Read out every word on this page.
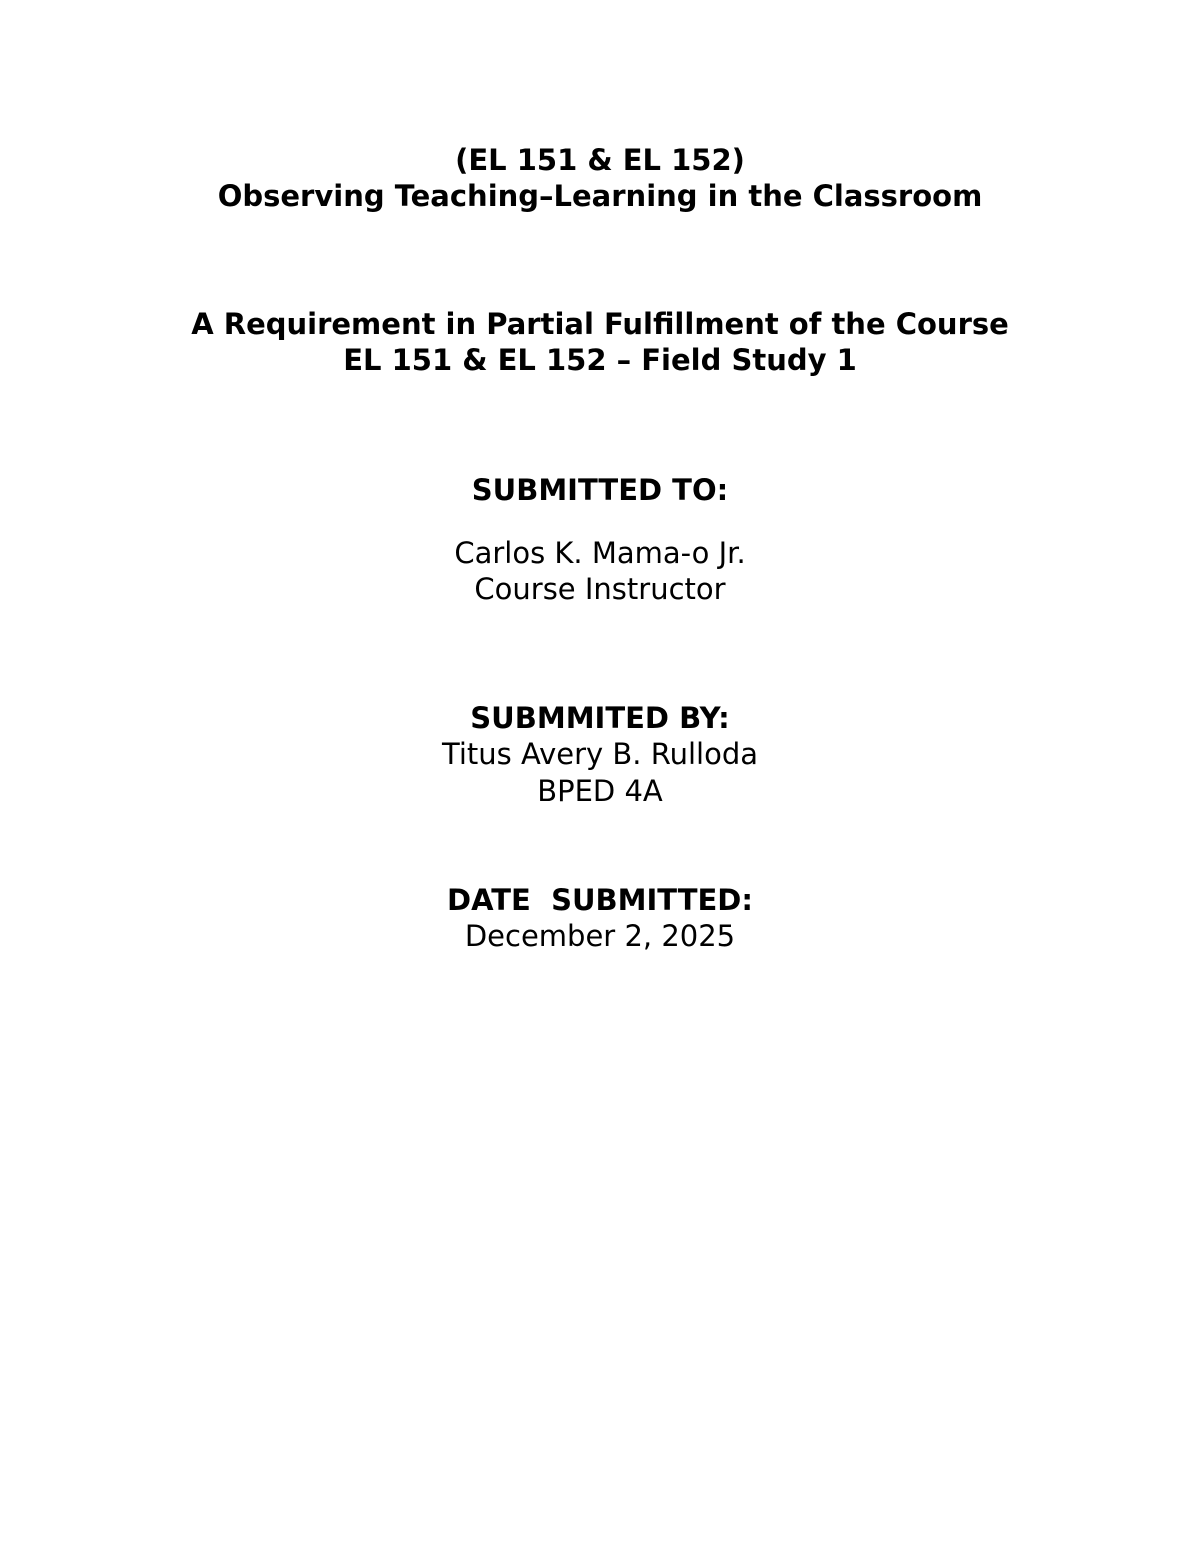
(EL 151 & EL 152)
Observing Teaching–Learning in the Classroom
A Requirement in Partial Fulfillment of the Course
EL 151 & EL 152 – Field Study 1
SUBMITTED TO:
Carlos K. Mama-o Jr.
Course Instructor
SUBMMITED BY:
Titus Avery B. Rulloda
BPED 4A
DATE  SUBMITTED:
December 2, 2025
